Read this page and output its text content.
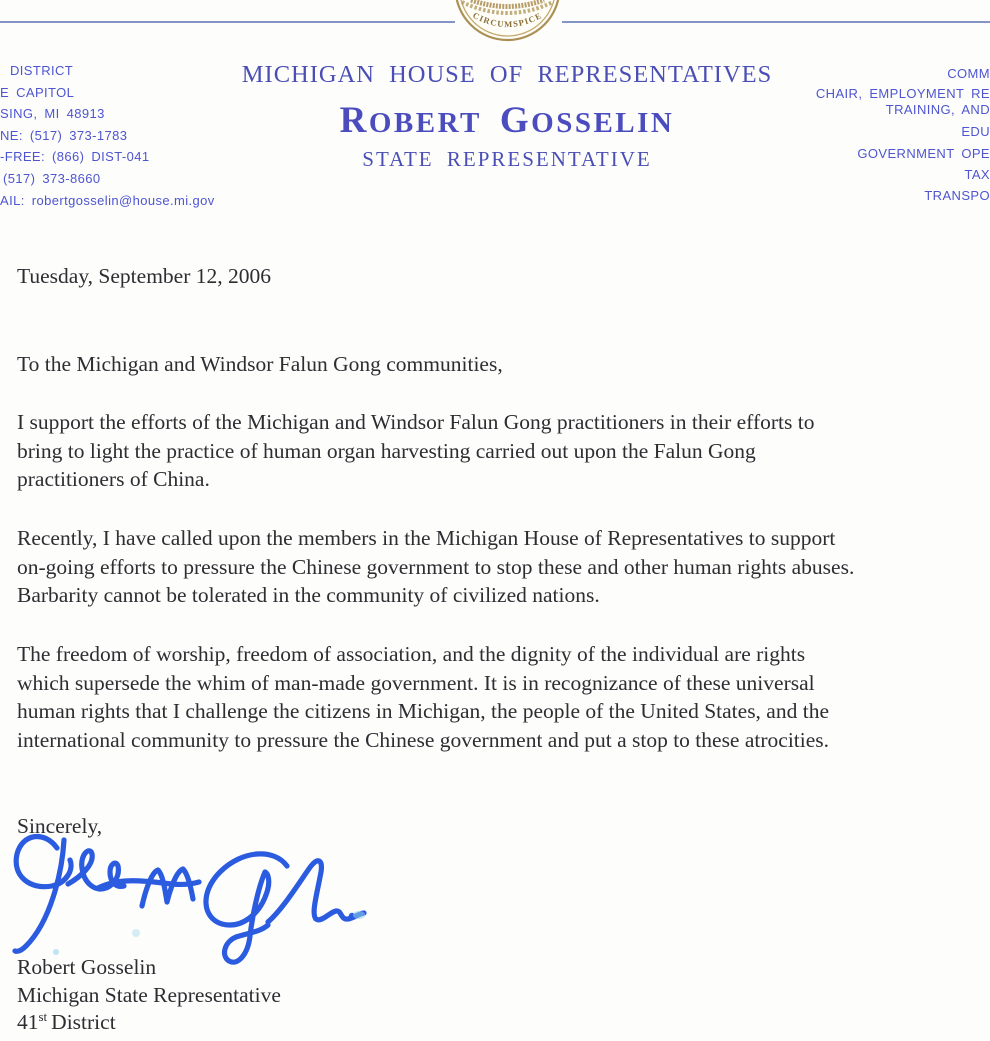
CIRCUMSPICE
DISTRICT
E CAPITOL
SING, MI 48913
NE: (517) 373-1783
-FREE: (866) DIST-041
(517) 373-8660
AIL: robertgosselin@house.mi.gov
COMM
CHAIR, EMPLOYMENT RE
TRAINING, AND
EDU
GOVERNMENT OPE
TAX
TRANSPO
MICHIGAN HOUSE OF REPRESENTATIVES
ROBERT GOSSELIN
STATE REPRESENTATIVE
Tuesday, September 12, 2006
To the Michigan and Windsor Falun Gong communities,
I support the efforts of the Michigan and Windsor Falun Gong practitioners in their efforts to
bring to light the practice of human organ harvesting carried out upon the Falun Gong
practitioners of China.
Recently, I have called upon the members in the Michigan House of Representatives to support
on-going efforts to pressure the Chinese government to stop these and other human rights abuses.
Barbarity cannot be tolerated in the community of civilized nations.
The freedom of worship, freedom of association, and the dignity of the individual are rights
which supersede the whim of man-made government. It is in recognizance of these universal
human rights that I challenge the citizens in Michigan, the people of the United States, and the
international community to pressure the Chinese government and put a stop to these atrocities.
Sincerely,
Robert Gosselin
Michigan State Representative
41st District
